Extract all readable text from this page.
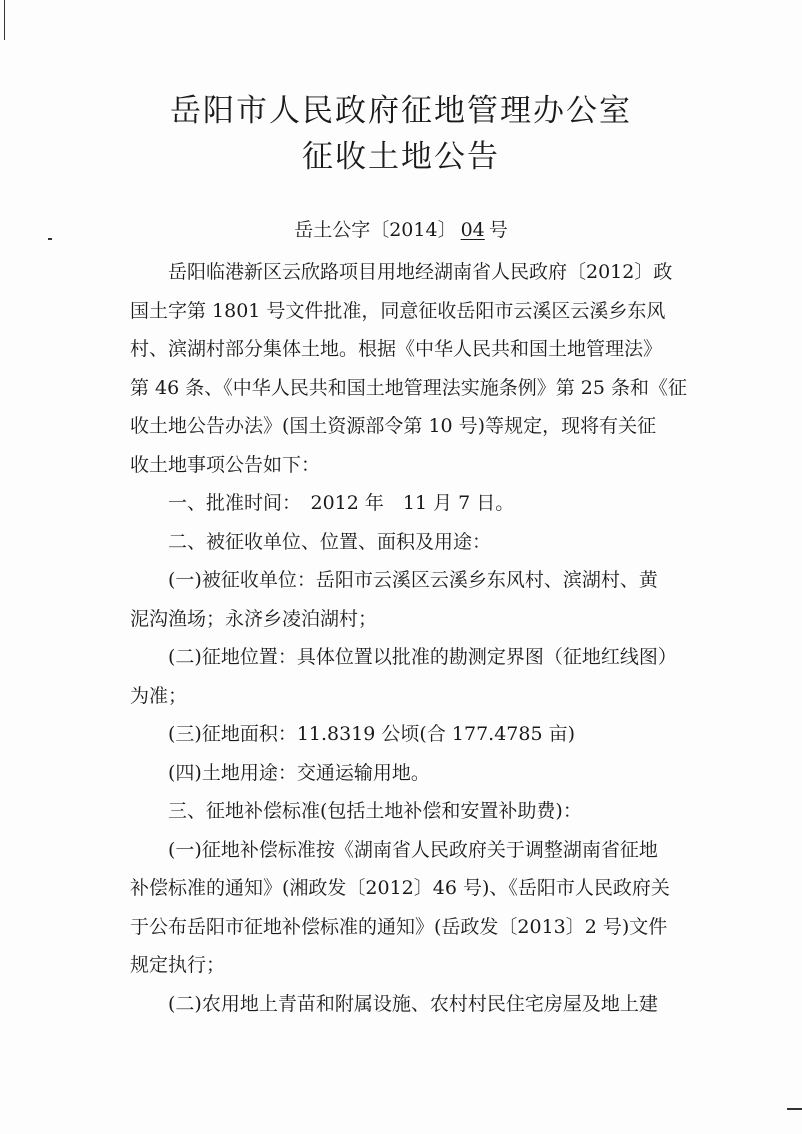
岳阳市人民政府征地管理办公室
征收土地公告
岳土公字〔2014〕 04 号
岳阳临港新区云欣路项目用地经湖南省人民政府〔2012〕政
国土字第 1801 号文件批准，同意征收岳阳市云溪区云溪乡东风
村、滨湖村部分集体土地。根据《中华人民共和国土地管理法》
第 46 条、《中华人民共和国土地管理法实施条例》第 25 条和《征
收土地公告办法》(国土资源部令第 10 号)等规定，现将有关征
收土地事项公告如下：
一、批准时间：　2012 年　11 月 7 日。
二、被征收单位、位置、面积及用途：
(一)被征收单位：岳阳市云溪区云溪乡东风村、滨湖村、黄
泥沟渔场；永济乡凌泊湖村；
(二)征地位置：具体位置以批准的勘测定界图（征地红线图）
为准；
(三)征地面积：11.8319 公顷(合 177.4785 亩)
(四)土地用途：交通运输用地。
三、征地补偿标准(包括土地补偿和安置补助费)：
(一)征地补偿标准按《湖南省人民政府关于调整湖南省征地
补偿标准的通知》(湘政发〔2012〕46 号)、《岳阳市人民政府关
于公布岳阳市征地补偿标准的通知》(岳政发〔2013〕2 号)文件
规定执行；
(二)农用地上青苗和附属设施、农村村民住宅房屋及地上建
